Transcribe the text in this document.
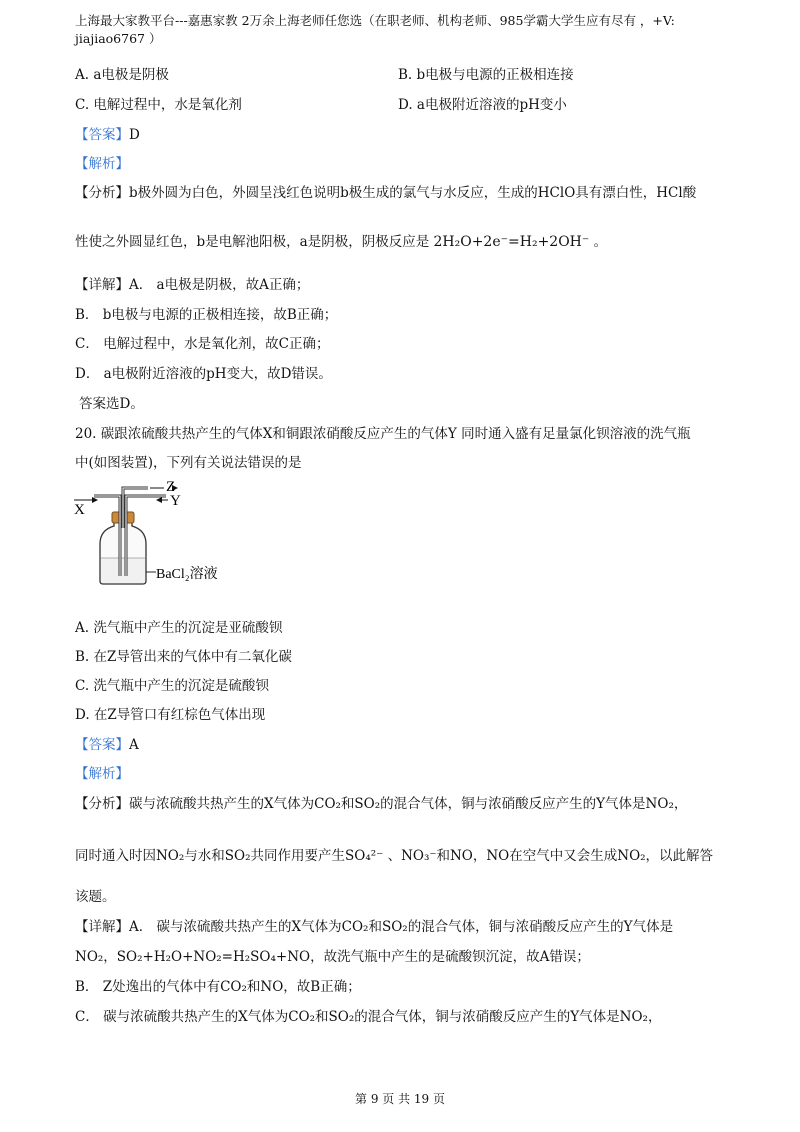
上海最大家教平台---嘉惠家教 2万余上海老师任您选（在职老师、机构老师、985学霸大学生应有尽有 ，+V:
jiajiao6767 ）
A. a电极是阴极	B. b电极与电源的正极相连接
C. 电解过程中，水是氧化剂	D. a电极附近溶液的pH变小
【答案】D
【解析】
【分析】b极外圆为白色，外圆呈浅红色说明b极生成的氯气与水反应，生成的HClO具有漂白性，HCl酸
性使之外圆显红色，b是电解池阳极，a是阴极，阴极反应是 2H₂O+2e⁻=H₂+2OH⁻ 。
【详解】A． a电极是阴极，故A正确；
B． b电极与电源的正极相连接，故B正确；
C． 电解过程中，水是氧化剂，故C正确；
D． a电极附近溶液的pH变大，故D错误。
答案选D。
20. 碳跟浓硫酸共热产生的气体X和铜跟浓硝酸反应产生的气体Y 同时通入盛有足量氯化钡溶液的洗气瓶
中(如图装置)，下列有关说法错误的是
X
Y
Z
BaCl₂溶液
A. 洗气瓶中产生的沉淀是亚硫酸钡
B. 在Z导管出来的气体中有二氧化碳
C. 洗气瓶中产生的沉淀是硫酸钡
D. 在Z导管口有红棕色气体出现
【答案】A
【解析】
【分析】碳与浓硫酸共热产生的X气体为CO₂和SO₂的混合气体，铜与浓硝酸反应产生的Y气体是NO₂，
同时通入时因NO₂与水和SO₂共同作用要产生SO₄²⁻ 、NO₃⁻和NO，NO在空气中又会生成NO₂，以此解答
该题。
【详解】A． 碳与浓硫酸共热产生的X气体为CO₂和SO₂的混合气体，铜与浓硝酸反应产生的Y气体是
NO₂，SO₂+H₂O+NO₂=H₂SO₄+NO，故洗气瓶中产生的是硫酸钡沉淀，故A错误；
B． Z处逸出的气体中有CO₂和NO，故B正确；
C． 碳与浓硫酸共热产生的X气体为CO₂和SO₂的混合气体，铜与浓硝酸反应产生的Y气体是NO₂，
第 9 页 共 19 页
